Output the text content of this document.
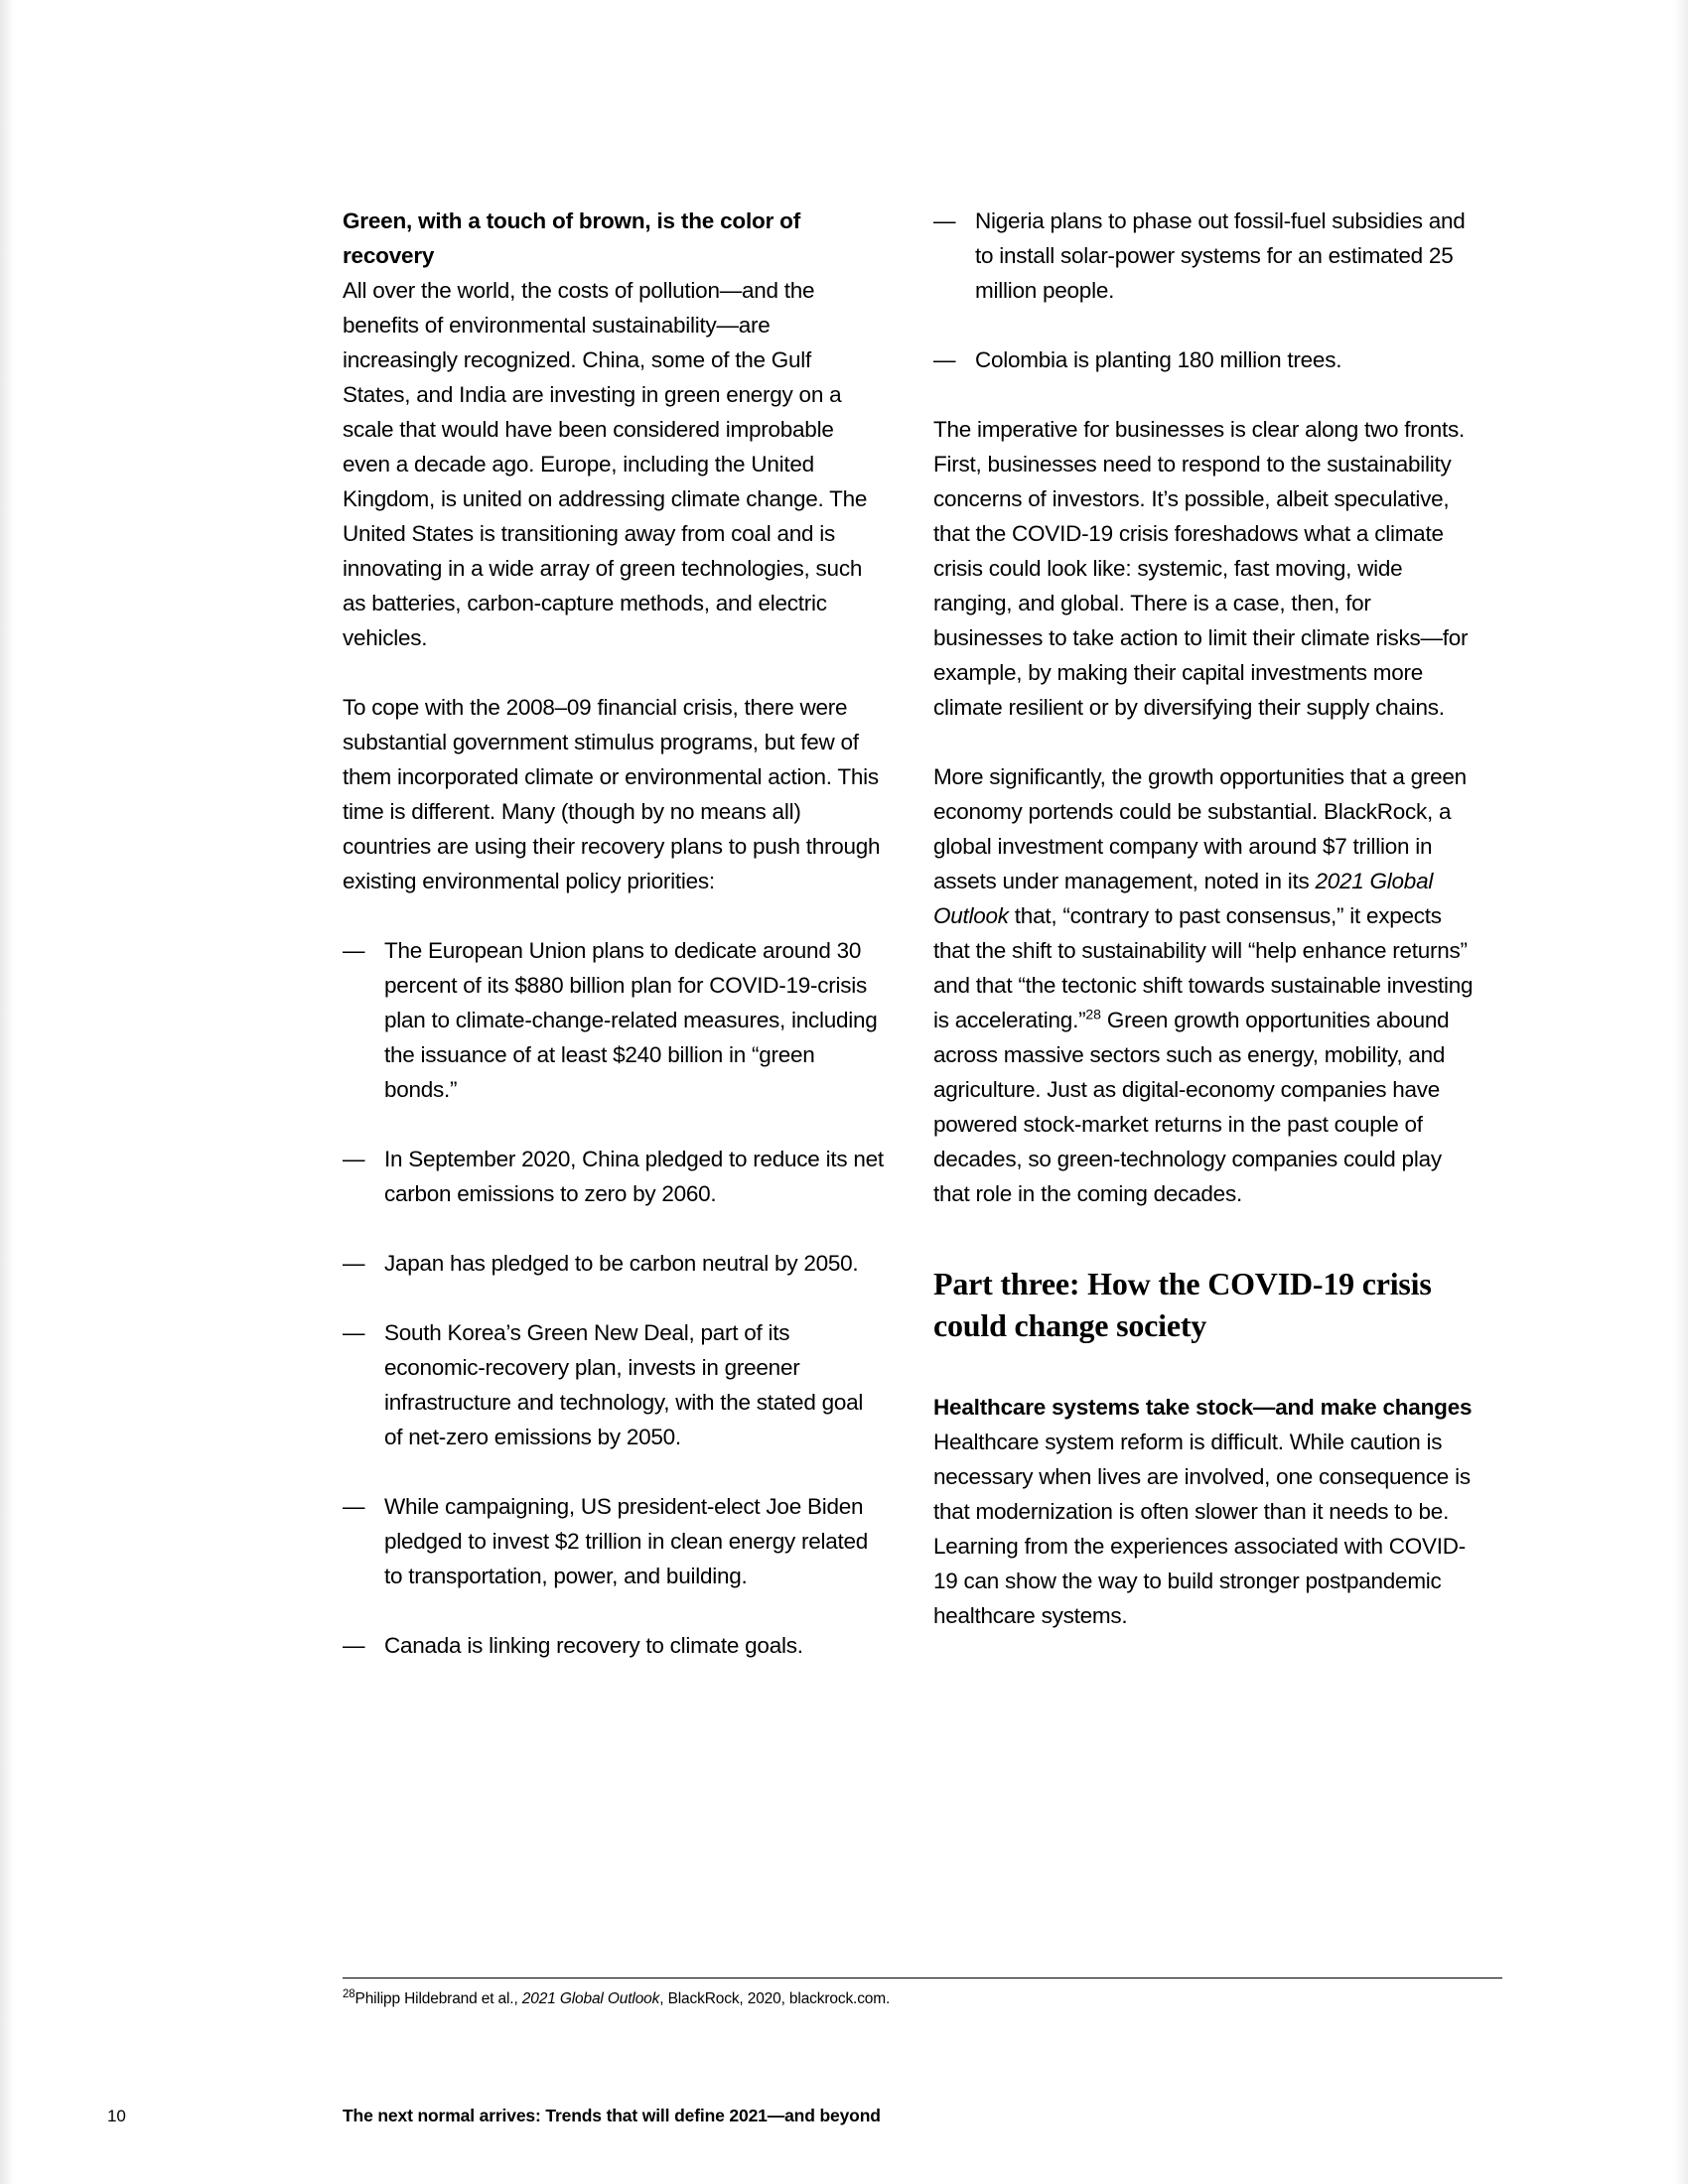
Green, with a touch of brown, is the color of recovery

All over the world, the costs of pollution—and the benefits of environmental sustainability—are increasingly recognized. China, some of the Gulf States, and India are investing in green energy on a scale that would have been considered improbable even a decade ago. Europe, including the United Kingdom, is united on addressing climate change. The United States is transitioning away from coal and is innovating in a wide array of green technologies, such as batteries, carbon-capture methods, and electric vehicles.

To cope with the 2008–09 financial crisis, there were substantial government stimulus programs, but few of them incorporated climate or environmental action. This time is different. Many (though by no means all) countries are using their recovery plans to push through existing environmental policy priorities:

— The European Union plans to dedicate around 30 percent of its $880 billion plan for COVID-19-crisis plan to climate-change-related measures, including the issuance of at least $240 billion in “green bonds.”
— In September 2020, China pledged to reduce its net carbon emissions to zero by 2060.
— Japan has pledged to be carbon neutral by 2050.
— South Korea’s Green New Deal, part of its economic-recovery plan, invests in greener infrastructure and technology, with the stated goal of net-zero emissions by 2050.
— While campaigning, US president-elect Joe Biden pledged to invest $2 trillion in clean energy related to transportation, power, and building.
— Canada is linking recovery to climate goals.
— Nigeria plans to phase out fossil-fuel subsidies and to install solar-power systems for an estimated 25 million people.
— Colombia is planting 180 million trees.

The imperative for businesses is clear along two fronts. First, businesses need to respond to the sustainability concerns of investors. It’s possible, albeit speculative, that the COVID-19 crisis foreshadows what a climate crisis could look like: systemic, fast moving, wide ranging, and global. There is a case, then, for businesses to take action to limit their climate risks—for example, by making their capital investments more climate resilient or by diversifying their supply chains.

More significantly, the growth opportunities that a green economy portends could be substantial. BlackRock, a global investment company with around $7 trillion in assets under management, noted in its 2021 Global Outlook that, “contrary to past consensus,” it expects that the shift to sustainability will “help enhance returns” and that “the tectonic shift towards sustainable investing is accelerating.”$^{28}$ Green growth opportunities abound across massive sectors such as energy, mobility, and agriculture. Just as digital-economy companies have powered stock-market returns in the past couple of decades, so green-technology companies could play that role in the coming decades.

Part three: How the COVID-19 crisis could change society
Healthcare systems take stock—and make changes

Healthcare system reform is difficult. While caution is necessary when lives are involved, one consequence is that modernization is often slower than it needs to be. Learning from the experiences associated with COVID-19 can show the way to build stronger postpandemic healthcare systems.

$^{28}$Philipp Hildebrand et al., 2021 Global Outlook, BlackRock, 2020, blackrock.com.
10	The next normal arrives: Trends that will define 2021—and beyond
